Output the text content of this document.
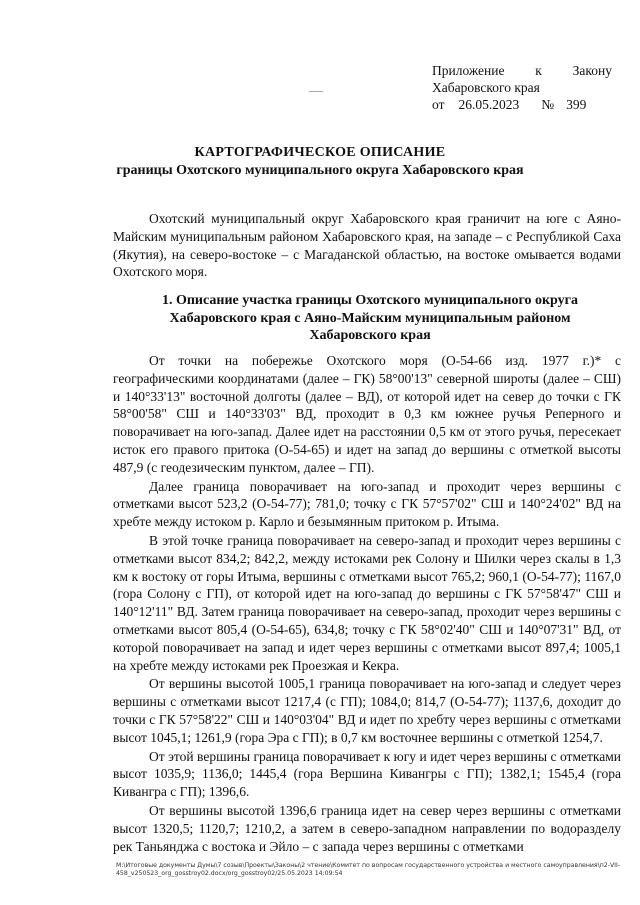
Приложение к Закону
Хабаровского края
от 26.05.2023 № 399
КАРТОГРАФИЧЕСКОЕ ОПИСАНИЕ
границы Охотского муниципального округа Хабаровского края

Охотский муниципальный округ Хабаровского края граничит на юге с Аяно-Майским муниципальным районом Хабаровского края, на западе – с Республикой Саха (Якутия), на северо-востоке – с Магаданской областью, на востоке омывается водами Охотского моря.

1. Описание участка границы Охотского муниципального округа Хабаровского края с Аяно-Майским муниципальным районом Хабаровского края

От точки на побережье Охотского моря (О-54-66 изд. 1977 г.)* с географическими координатами (далее – ГК) 58°00'13" северной широты (далее – СШ) и 140°33'13" восточной долготы (далее – ВД), от которой идет на север до точки с ГК 58°00'58" СШ и 140°33'03" ВД, проходит в 0,3 км южнее ручья Реперного и поворачивает на юго-запад. Далее идет на расстоянии 0,5 км от этого ручья, пересекает исток его правого притока (О-54-65) и идет на запад до вершины с отметкой высоты 487,9 (с геодезическим пунктом, далее – ГП).

Далее граница поворачивает на юго-запад и проходит через вершины с отметками высот 523,2 (О-54-77); 781,0; точку с ГК 57°57'02" СШ и 140°24'02" ВД на хребте между истоком р. Карло и безымянным притоком р. Итыма.

В этой точке граница поворачивает на северо-запад и проходит через вершины с отметками высот 834,2; 842,2, между истоками рек Солону и Шилки через скалы в 1,3 км к востоку от горы Итыма, вершины с отметками высот 765,2; 960,1 (О-54-77); 1167,0 (гора Солону с ГП), от которой идет на юго-запад до вершины с ГК 57°58'47" СШ и 140°12'11" ВД. Затем граница поворачивает на северо-запад, проходит через вершины с отметками высот 805,4 (О-54-65), 634,8; точку с ГК 58°02'40" СШ и 140°07'31" ВД, от которой поворачивает на запад и идет через вершины с отметками высот 897,4; 1005,1 на хребте между истоками рек Проезжая и Кекра.

От вершины высотой 1005,1 граница поворачивает на юго-запад и следует через вершины с отметками высот 1217,4 (с ГП); 1084,0; 814,7 (О-54-77); 1137,6, доходит до точки с ГК 57°58'22" СШ и 140°03'04" ВД и идет по хребту через вершины с отметками высот 1045,1; 1261,9 (гора Эра с ГП); в 0,7 км восточнее вершины с отметкой 1254,7.

От этой вершины граница поворачивает к югу и идет через вершины с отметками высот 1035,9; 1136,0; 1445,4 (гора Вершина Кивангры с ГП); 1382,1; 1545,4 (гора Кивангра с ГП); 1396,6.

От вершины высотой 1396,6 граница идет на север через вершины с отметками высот 1320,5; 1120,7; 1210,2, а затем в северо-западном направлении по водоразделу рек Таньянджа с востока и Эйло – с запада через вершины с отметками

М:\Итоговые документы Думы\7 созыв\Проекты\Законы\2 чтение\Комитет по вопросам государственного устройства и местного самоуправления\п2-VII-458_v250523_org_gosstroy02.docx/org_gosstroy02/25.05.2023 14:09:54
